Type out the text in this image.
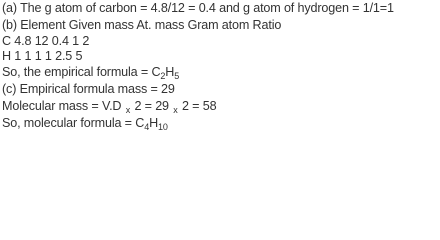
(a) The g atom of carbon = 4.8/12 = 0.4 and g atom of hydrogen = 1/1=1
(b) Element Given mass At. mass Gram atom Ratio
C 4.8 12 0.4 1 2
H 1 1 1 1 2.5 5
So, the empirical formula = $C_2H_5$
(c) Empirical formula mass = 29
Molecular mass = V.D $_x$ 2 = 29 $_x$ 2 = 58
So, molecular formula = $C_4H_{10}$
